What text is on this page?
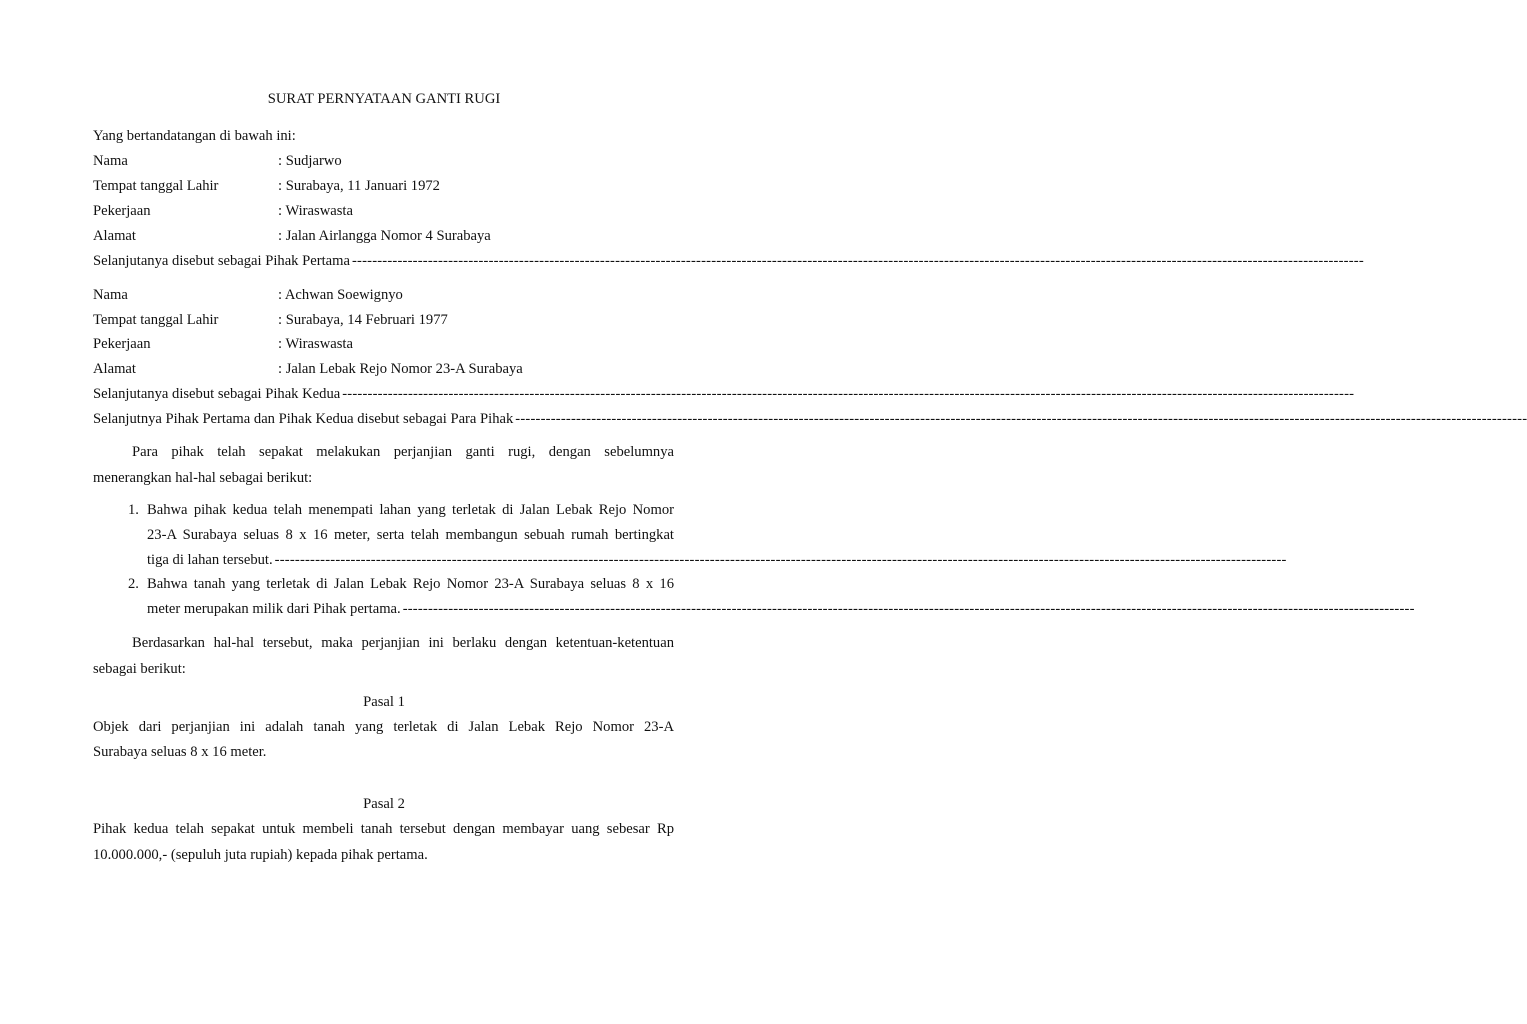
SURAT PERNYATAAN GANTI RUGI
Yang bertandatangan di bawah ini:
Nama	: Sudjarwo
Tempat tanggal Lahir	: Surabaya, 11 Januari 1972
Pekerjaan	: Wiraswasta
Alamat	: Jalan Airlangga Nomor 4 Surabaya
Selanjutanya disebut sebagai Pihak Pertama --------------------------------------------------------------------------------------------------------------------------------------------------------------------------------------------------------
Nama	: Achwan Soewignyo
Tempat tanggal Lahir	: Surabaya, 14 Februari 1977
Pekerjaan	: Wiraswasta
Alamat	: Jalan Lebak Rejo Nomor 23-A Surabaya
Selanjutanya disebut sebagai Pihak Kedua --------------------------------------------------------------------------------------------------------------------------------------------------------------------------------------------------------
Selanjutnya Pihak Pertama dan Pihak Kedua disebut sebagai Para Pihak --------------------------------------------------------------------------------------------------------------------------------------------------------------------------------------------------------
Para pihak telah sepakat melakukan perjanjian ganti rugi, dengan sebelumnya
menerangkan hal-hal sebagai berikut:
1. Bahwa pihak kedua telah menempati lahan yang terletak di Jalan Lebak Rejo Nomor
23-A Surabaya seluas 8 x 16 meter, serta telah membangun sebuah rumah bertingkat
tiga di lahan tersebut. --------------------------------------------------------------------------------------------------------------------------------------------------------------------------------------------------------
2. Bahwa tanah yang terletak di Jalan Lebak Rejo Nomor 23-A Surabaya seluas 8 x 16
meter merupakan milik dari Pihak pertama. --------------------------------------------------------------------------------------------------------------------------------------------------------------------------------------------------------
Berdasarkan hal-hal tersebut, maka perjanjian ini berlaku dengan ketentuan-ketentuan
sebagai berikut:
Pasal 1
Objek dari perjanjian ini adalah tanah yang terletak di Jalan Lebak Rejo Nomor 23-A
Surabaya seluas 8 x 16 meter.
Pasal 2
Pihak kedua telah sepakat untuk membeli tanah tersebut dengan membayar uang sebesar Rp
10.000.000,- (sepuluh juta rupiah) kepada pihak pertama.
